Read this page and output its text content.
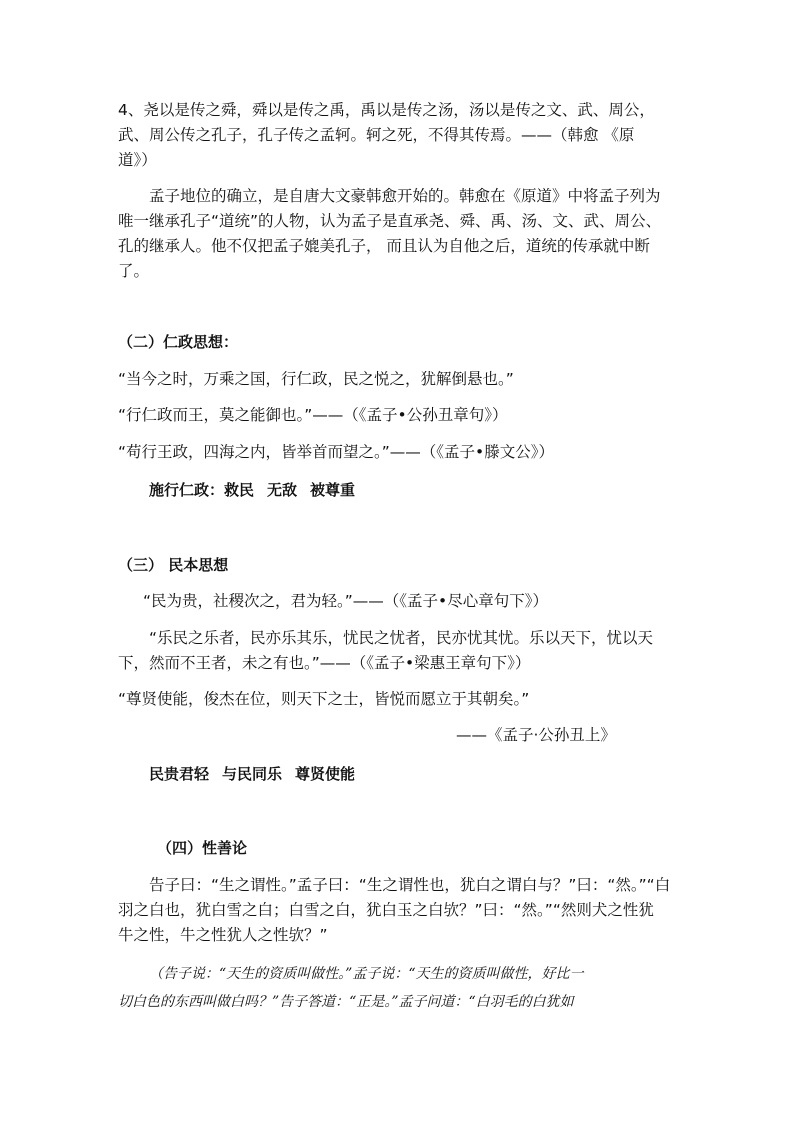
4、尧以是传之舜，舜以是传之禹，禹以是传之汤，汤以是传之文、武、周公，

武、周公传之孔子，孔子传之孟轲。轲之死，不得其传焉。——（韩愈 《原

道》）

孟子地位的确立，是自唐大文豪韩愈开始的。韩愈在《原道》中将孟子列为

唯一继承孔子“道统”的人物，认为孟子是直承尧、舜、禹、汤、文、武、周公、

孔的继承人。他不仅把孟子媲美孔子， 而且认为自他之后，道统的传承就中断

了。

（二）仁政思想：

“当今之时，万乘之国，行仁政，民之悦之，犹解倒悬也。”

“行仁政而王，莫之能御也。”——（《孟子•公孙丑章句》）

“苟行王政，四海之内，皆举首而望之。”——（《孟子•滕文公》）

施行仁政：救民 无敌 被尊重

（三） 民本思想

“民为贵，社稷次之，君为轻。”——（《孟子•尽心章句下》）

“乐民之乐者，民亦乐其乐，忧民之忧者，民亦忧其忧。乐以天下，忧以天

下，然而不王者，未之有也。”——（《孟子•梁惠王章句下》）

“尊贤使能，俊杰在位，则天下之士，皆悦而愿立于其朝矣。”

——《孟子·公孙丑上》

民贵君轻 与民同乐 尊贤使能

（四）性善论

告子曰：“生之谓性。”孟子曰：“生之谓性也，犹白之谓白与？”曰：“然。”“白

羽之白也，犹白雪之白；白雪之白，犹白玉之白欤？”曰：“然。”“然则犬之性犹

牛之性，牛之性犹人之性欤？”

（告子说：“天生的资质叫做性。”孟子说：“天生的资质叫做性，好比一

切白色的东西叫做白吗？”告子答道：“正是。”孟子问道：“白羽毛的白犹如
